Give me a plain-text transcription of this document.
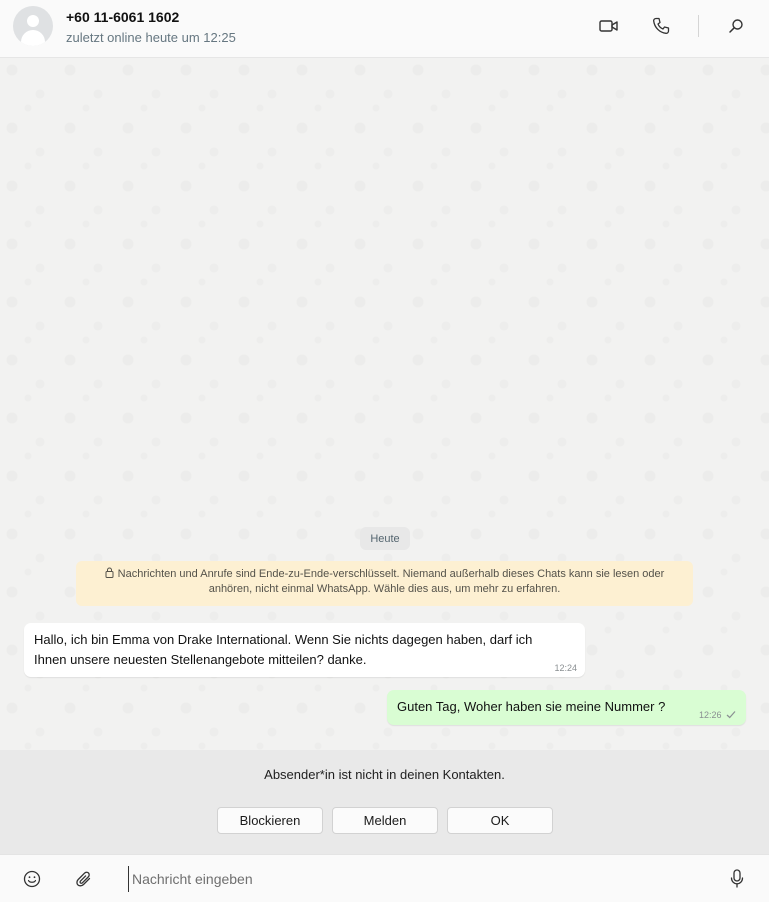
+60 11-6061 1602
zuletzt online heute um 12:25
Heute
Nachrichten und Anrufe sind Ende-zu-Ende-verschlüsselt. Niemand außerhalb dieses Chats kann sie lesen oder anhören, nicht einmal WhatsApp. Wähle dies aus, um mehr zu erfahren.
Hallo, ich bin Emma von Drake International. Wenn Sie nichts dagegen haben, darf ich Ihnen unsere neuesten Stellenangebote mitteilen? danke.
12:24
Guten Tag, Woher haben sie meine Nummer ?
12:26
Absender*in ist nicht in deinen Kontakten.
Blockieren	Melden	OK
Nachricht eingeben
